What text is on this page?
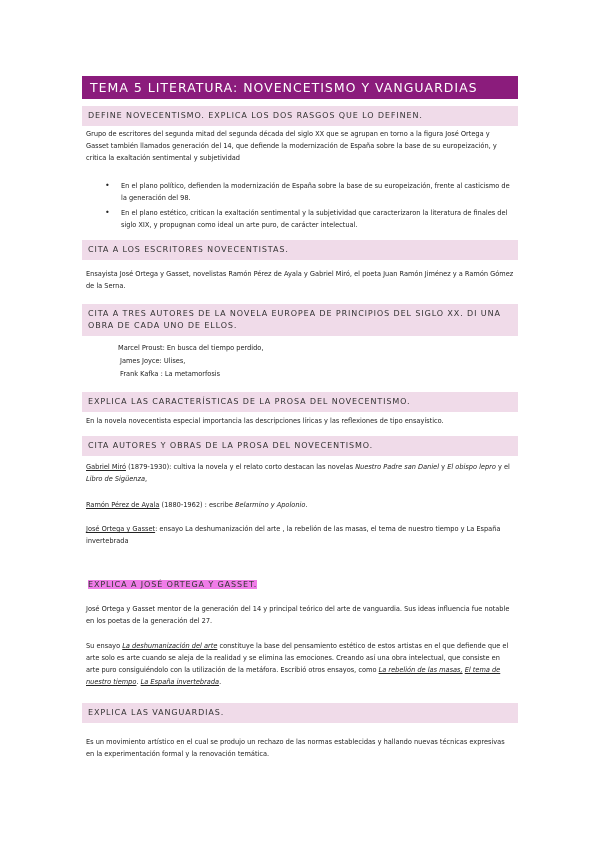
TEMA 5 LITERATURA: NOVENCETISMO Y VANGUARDIAS
DEFINE NOVECENTISMO. EXPLICA LOS DOS RASGOS QUE LO DEFINEN.
Grupo de escritores del segunda mitad del segunda década del siglo XX que se agrupan en torno a la figura José Ortega y Gasset también llamados generación del 14, que defiende la modernización de España sobre la base de su europeización, y critica la exaltación sentimental y subjetividad
• En el plano político, defienden la modernización de España sobre la base de su europeización, frente al casticismo de la generación del 98.
• En el plano estético, critican la exaltación sentimental y la subjetividad que caracterizaron la literatura de finales del siglo XIX, y propugnan como ideal un arte puro, de carácter intelectual.
CITA A LOS ESCRITORES NOVECENTISTAS.
Ensayista José Ortega y Gasset, novelistas Ramón Pérez de Ayala y Gabriel Miró, el poeta Juan Ramón Jiménez y a Ramón Gómez de la Serna.
CITA A TRES AUTORES DE LA NOVELA EUROPEA DE PRINCIPIOS DEL SIGLO XX. DI UNA OBRA DE CADA UNO DE ELLOS.
Marcel Proust: En busca del tiempo perdido,
James Joyce: Ulises,
Frank Kafka : La metamorfosis
EXPLICA LAS CARACTERÍSTICAS DE LA PROSA DEL NOVECENTISMO.
En la novela novecentista especial importancia las descripciones líricas y las reflexiones de tipo ensayístico.
CITA AUTORES Y OBRAS DE LA PROSA DEL NOVECENTISMO.
Gabriel Miró (1879-1930): cultiva la novela y el relato corto destacan las novelas Nuestro Padre san Daniel y El obispo lepro y el Libro de Sigüenza,
Ramón Pérez de Ayala (1880-1962) : escribe Belarmino y Apolonio.
José Ortega y Gasset: ensayo La deshumanización del arte , la rebelión de las masas, el tema de nuestro tiempo y La España invertebrada
EXPLICA A JOSÉ ORTEGA Y GASSET.
José Ortega y Gasset mentor de la generación del 14 y principal teórico del arte de vanguardia. Sus ideas influencia fue notable en los poetas de la generación del 27.
Su ensayo La deshumanización del arte constituye la base del pensamiento estético de estos artistas en el que defiende que el arte solo es arte cuando se aleja de la realidad y se elimina las emociones. Creando así una obra intelectual, que consiste en arte puro consiguiéndolo con la utilización de la metáfora. Escribió otros ensayos, como La rebelión de las masas, El tema de nuestro tiempo. La España invertebrada.
EXPLICA LAS VANGUARDIAS.
Es un movimiento artístico en el cual se produjo un rechazo de las normas establecidas y hallando nuevas técnicas expresivas en la experimentación formal y la renovación temática.
